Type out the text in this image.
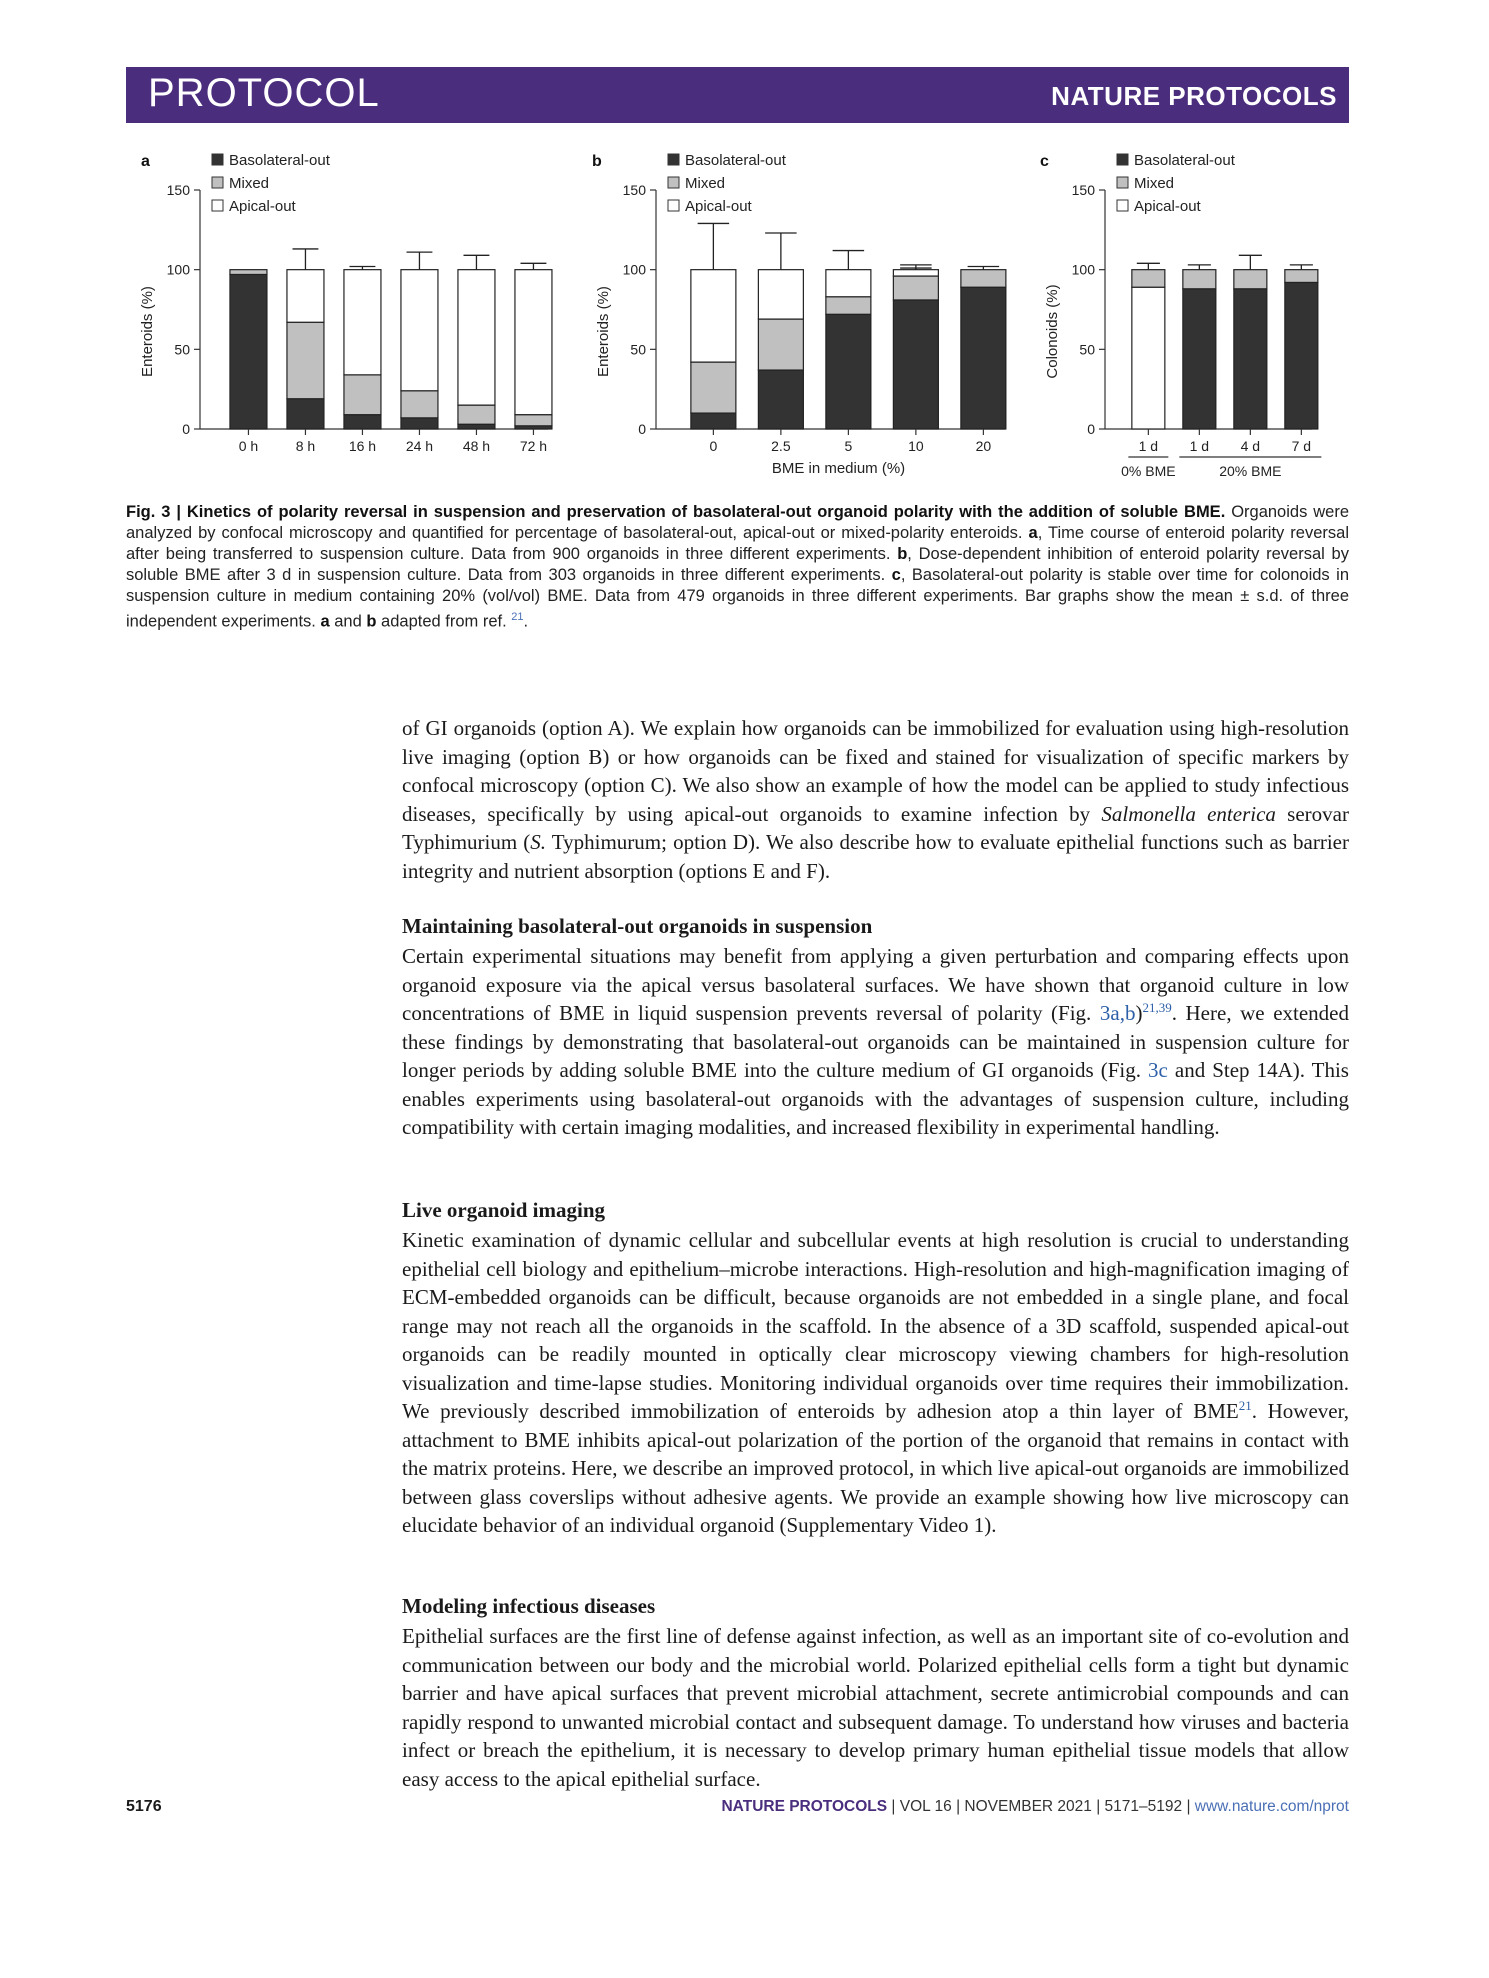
PROTOCOL	NATURE PROTOCOLS
a	Basolateral-out
Mixed
Apical-out
0
50
100
150
Enteroids (%)
0 h	8 h 16 h 24 h 48 h 72 h
b	Basolateral-out
Mixed
Apical-out
0
50
100
150
Enteroids (%)
0	2.5	5	10	20
BME in medium (%)
c	Basolateral-out
Mixed
Apical-out
0
50
100
150
Colonoids (%)
1 d 1 d 4 d 7 d
0% BME	20% BME
Fig. 3 | Kinetics of polarity reversal in suspension and preservation of basolateral-out organoid polarity with the addition of soluble BME. Organoids were analyzed by confocal microscopy and quantified for percentage of basolateral-out, apical-out or mixed-polarity enteroids. a, Time course of enteroid polarity reversal after being transferred to suspension culture. Data from 900 organoids in three different experiments. b, Dose-dependent inhibition of enteroid polarity reversal by soluble BME after 3 d in suspension culture. Data from 303 organoids in three different experiments. c, Basolateral-out polarity is stable over time for colonoids in suspension culture in medium containing 20% (vol/vol) BME. Data from 479 organoids in three different experiments. Bar graphs show the mean ± s.d. of three independent experiments. a and b adapted from ref. $^{21}$.
of GI organoids (option A). We explain how organoids can be immobilized for evaluation using high-resolution live imaging (option B) or how organoids can be fixed and stained for visualization of specific markers by confocal microscopy (option C). We also show an example of how the model can be applied to study infectious diseases, specifically by using apical-out organoids to examine infection by Salmonella enterica serovar Typhimurium (S. Typhimurum; option D). We also describe how to evaluate epithelial functions such as barrier integrity and nutrient absorption (options E and F).
Maintaining basolateral-out organoids in suspension
Certain experimental situations may benefit from applying a given perturbation and comparing effects upon organoid exposure via the apical versus basolateral surfaces. We have shown that organoid culture in low concentrations of BME in liquid suspension prevents reversal of polarity (Fig. 3a,b)$^{21,39}$. Here, we extended these findings by demonstrating that basolateral-out organoids can be maintained in suspension culture for longer periods by adding soluble BME into the culture medium of GI organoids (Fig. 3c and Step 14A). This enables experiments using basolateral-out organoids with the advantages of suspension culture, including compatibility with certain imaging modalities, and increased flexibility in experimental handling.
Live organoid imaging
Kinetic examination of dynamic cellular and subcellular events at high resolution is crucial to understanding epithelial cell biology and epithelium–microbe interactions. High-resolution and high-magnification imaging of ECM-embedded organoids can be difficult, because organoids are not embedded in a single plane, and focal range may not reach all the organoids in the scaffold. In the absence of a 3D scaffold, suspended apical-out organoids can be readily mounted in optically clear microscopy viewing chambers for high-resolution visualization and time-lapse studies. Monitoring individual organoids over time requires their immobilization. We previously described immobilization of enteroids by adhesion atop a thin layer of BME$^{21}$. However, attachment to BME inhibits apical-out polarization of the portion of the organoid that remains in contact with the matrix proteins. Here, we describe an improved protocol, in which live apical-out organoids are immobilized between glass coverslips without adhesive agents. We provide an example showing how live microscopy can elucidate behavior of an individual organoid (Supplementary Video 1).
Modeling infectious diseases
Epithelial surfaces are the first line of defense against infection, as well as an important site of co-evolution and communication between our body and the microbial world. Polarized epithelial cells form a tight but dynamic barrier and have apical surfaces that prevent microbial attachment, secrete antimicrobial compounds and can rapidly respond to unwanted microbial contact and subsequent damage. To understand how viruses and bacteria infect or breach the epithelium, it is necessary to develop primary human epithelial tissue models that allow easy access to the apical epithelial surface.
5176	NATURE PROTOCOLS | VOL 16 | NOVEMBER 2021 | 5171–5192 | www.nature.com/nprot
